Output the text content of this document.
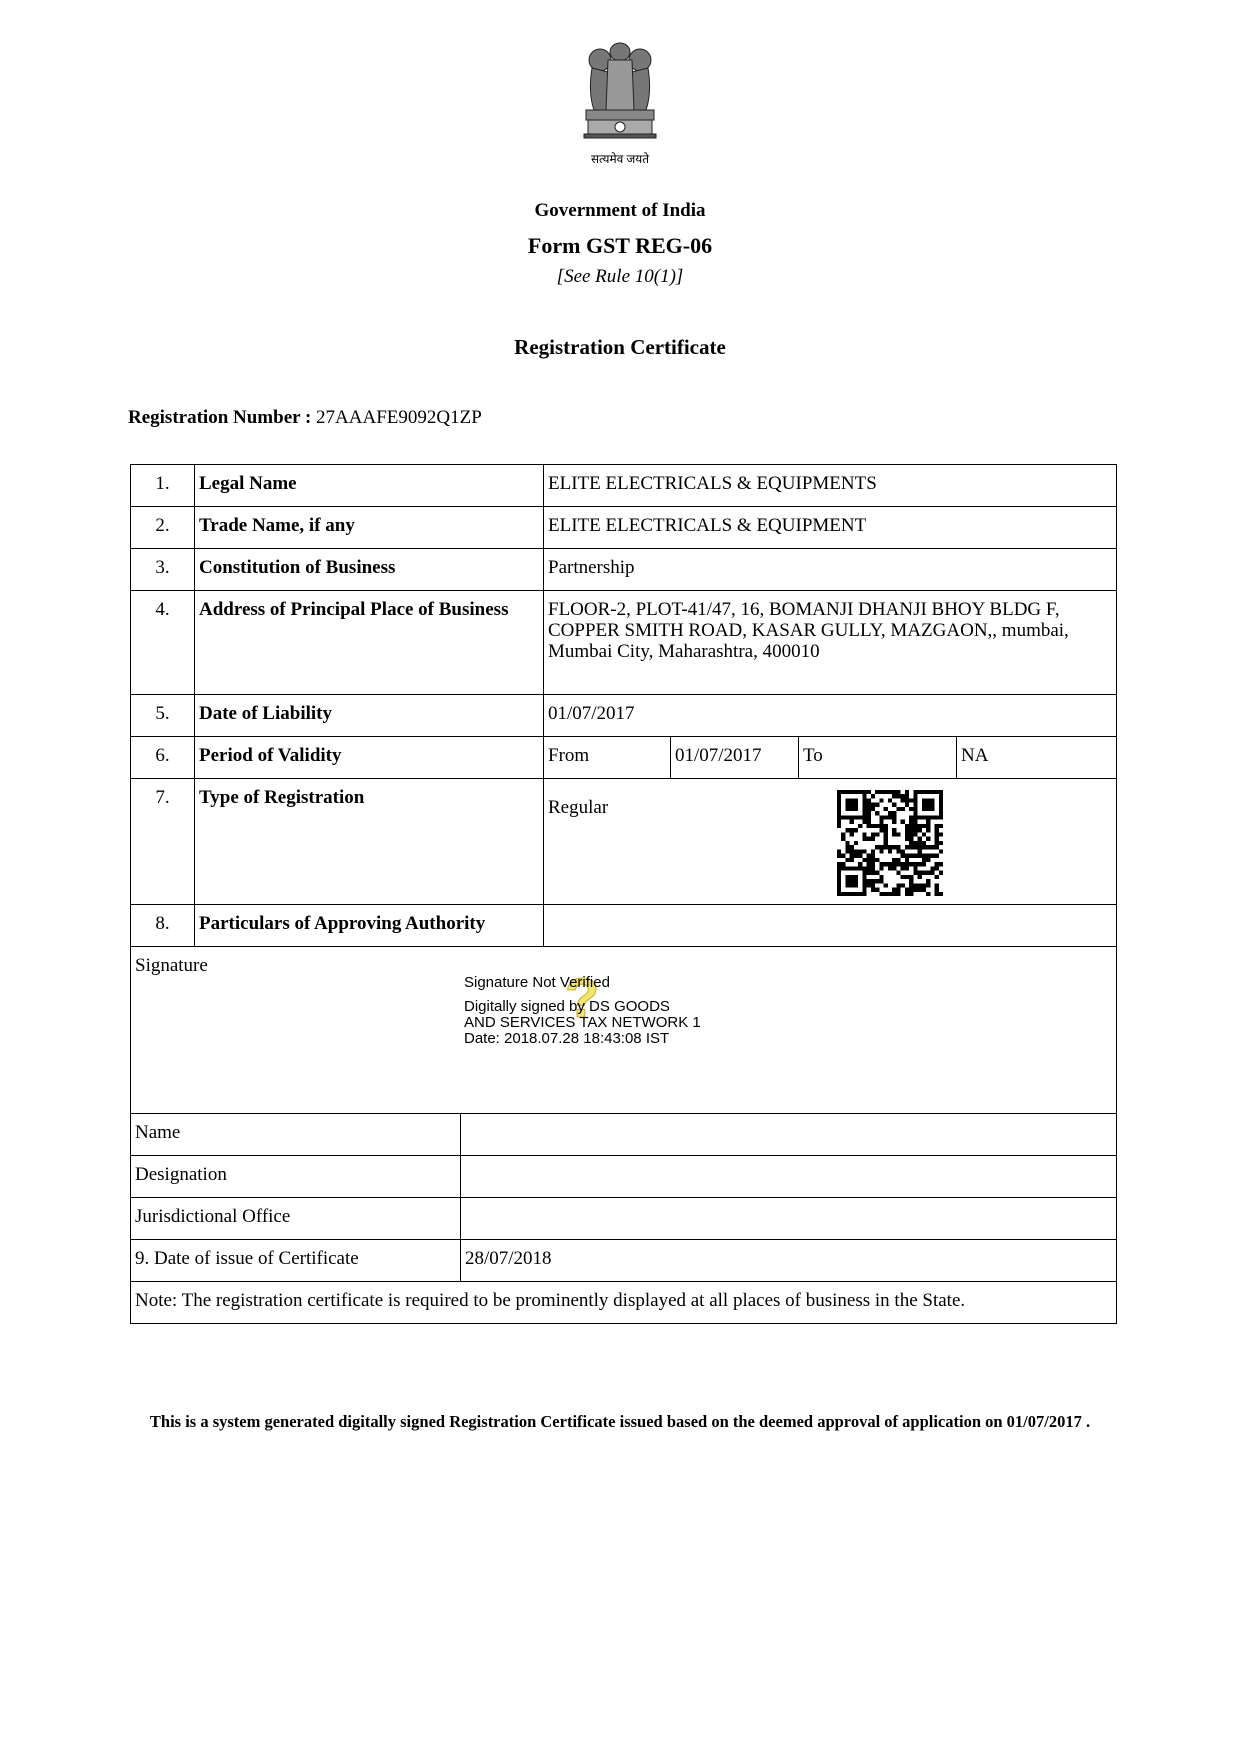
सत्यमेव जयते
Government of India
Form GST REG-06
[See Rule 10(1)]
Registration Certificate
Registration Number : 27AAAFE9092Q1ZP
1.	Legal Name	ELITE ELECTRICALS & EQUIPMENTS			
2.	Trade Name, if any	ELITE ELECTRICALS & EQUIPMENT			
3.	Constitution of Business	Partnership			
4.	Address of Principal Place of Business	FLOOR-2, PLOT-41/47, 16, BOMANJI DHANJI BHOY BLDG F, COPPER SMITH ROAD, KASAR GULLY, MAZGAON,, mumbai, Mumbai City, Maharashtra, 400010			
5.	Date of Liability	01/07/2017			
6.	Period of Validity	From	01/07/2017	To	NA
7.	Type of Registration	Regular			
8.	Particulars of Approving Authority				
Signature	
Name	
Designation	
Jurisdictional Office	
9. Date of issue of Certificate	28/07/2018
Note: The registration certificate is required to be prominently displayed at all places of business in the State.	
?
Signature Not Verified
Digitally signed by DS GOODS
AND SERVICES TAX NETWORK 1
Date: 2018.07.28 18:43:08 IST
This is a system generated digitally signed Registration Certificate issued based on the deemed approval of application on 01/07/2017 .
